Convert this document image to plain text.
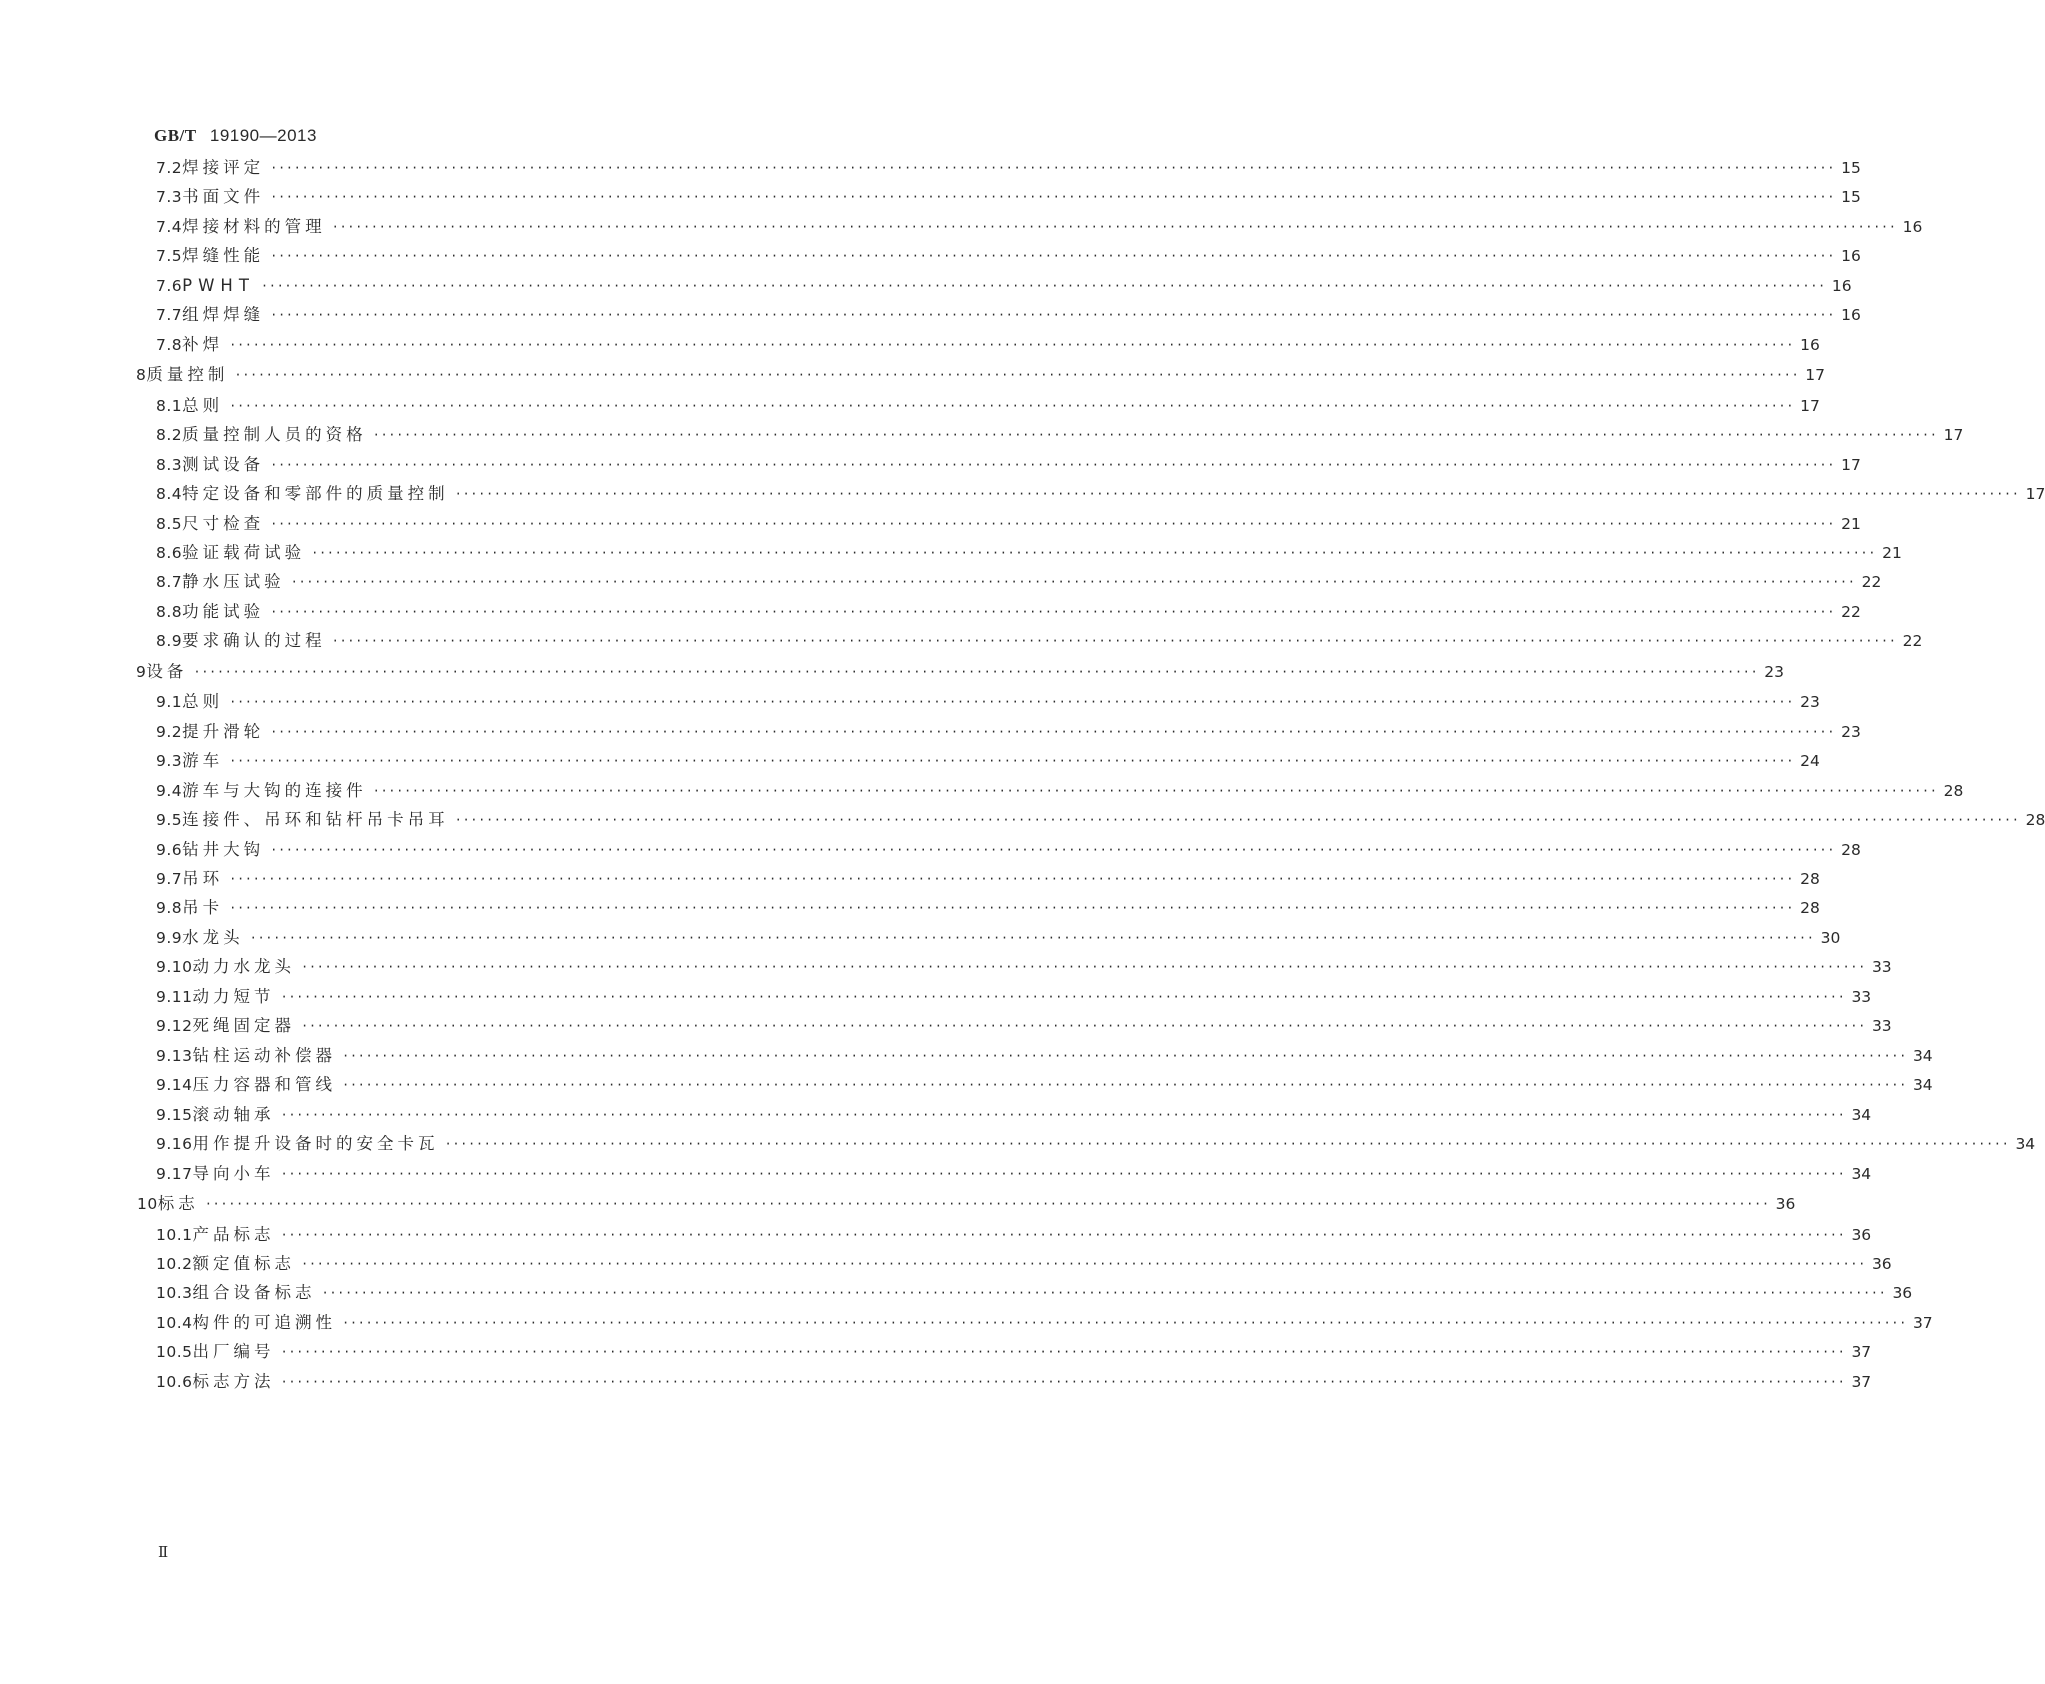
GB/T 19190—2013
7.2 焊接评定 ········································································································································································································ 15
7.3 书面文件 ········································································································································································································ 15
7.4 焊接材料的管理 ········································································································································································································ 16
7.5 焊缝性能 ········································································································································································································ 16
7.6 PWHT ········································································································································································································ 16
7.7 组焊焊缝 ········································································································································································································ 16
7.8 补焊 ········································································································································································································ 16
8 质量控制 ········································································································································································································ 17
8.1 总则 ········································································································································································································ 17
8.2 质量控制人员的资格 ········································································································································································································ 17
8.3 测试设备 ········································································································································································································ 17
8.4 特定设备和零部件的质量控制 ········································································································································································································ 17
8.5 尺寸检查 ········································································································································································································ 21
8.6 验证载荷试验 ········································································································································································································ 21
8.7 静水压试验 ········································································································································································································ 22
8.8 功能试验 ········································································································································································································ 22
8.9 要求确认的过程 ········································································································································································································ 22
9 设备 ········································································································································································································ 23
9.1 总则 ········································································································································································································ 23
9.2 提升滑轮 ········································································································································································································ 23
9.3 游车 ········································································································································································································ 24
9.4 游车与大钩的连接件 ········································································································································································································ 28
9.5 连接件、吊环和钻杆吊卡吊耳 ········································································································································································································ 28
9.6 钻井大钩 ········································································································································································································ 28
9.7 吊环 ········································································································································································································ 28
9.8 吊卡 ········································································································································································································ 28
9.9 水龙头 ········································································································································································································ 30
9.10 动力水龙头 ········································································································································································································ 33
9.11 动力短节 ········································································································································································································ 33
9.12 死绳固定器 ········································································································································································································ 33
9.13 钻柱运动补偿器 ········································································································································································································ 34
9.14 压力容器和管线 ········································································································································································································ 34
9.15 滚动轴承 ········································································································································································································ 34
9.16 用作提升设备时的安全卡瓦 ········································································································································································································ 34
9.17 导向小车 ········································································································································································································ 34
10 标志 ········································································································································································································ 36
10.1 产品标志 ········································································································································································································ 36
10.2 额定值标志 ········································································································································································································ 36
10.3 组合设备标志 ········································································································································································································ 36
10.4 构件的可追溯性 ········································································································································································································ 37
10.5 出厂编号 ········································································································································································································ 37
10.6 标志方法 ········································································································································································································ 37
Ⅱ
